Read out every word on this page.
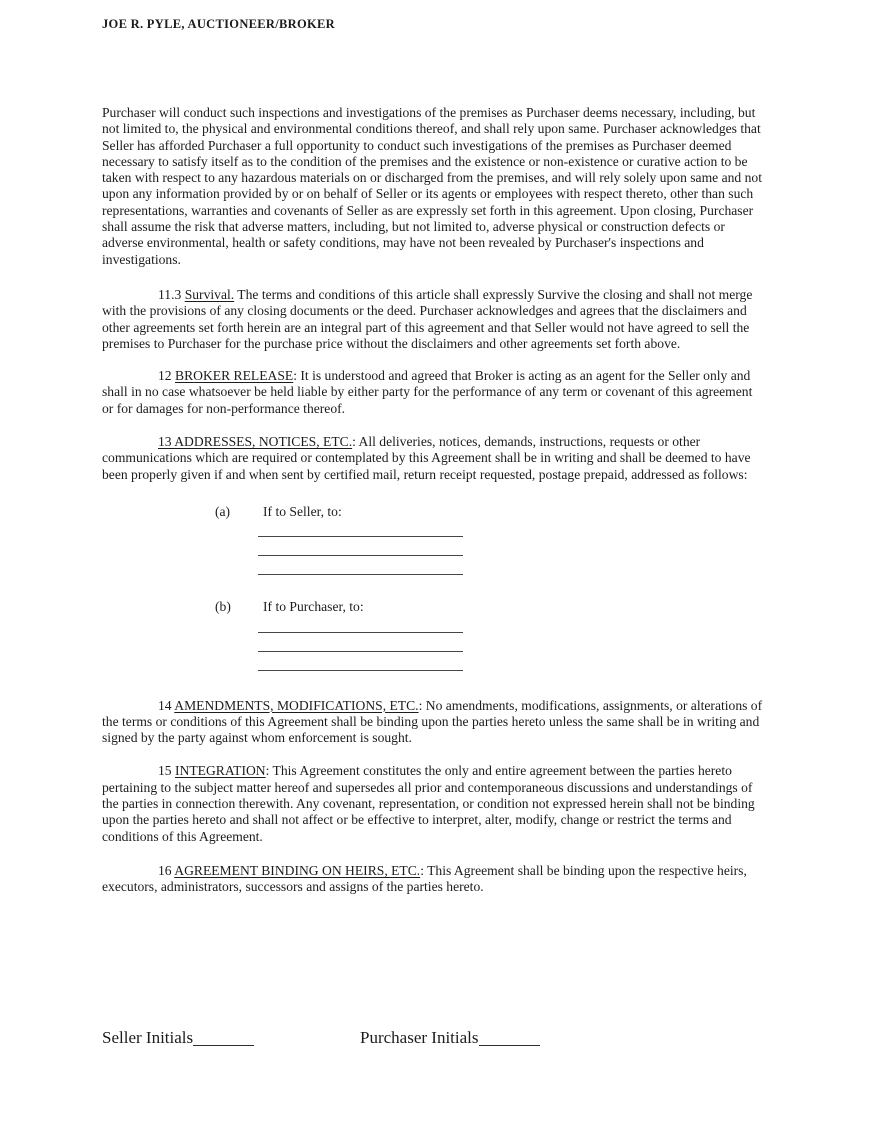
JOE R. PYLE, AUCTIONEER/BROKER

Purchaser will conduct such inspections and investigations of the premises as Purchaser deems necessary, including, but not limited to, the physical and environmental conditions thereof, and shall rely upon same. Purchaser acknowledges that Seller has afforded Purchaser a full opportunity to conduct such investigations of the premises as Purchaser deemed necessary to satisfy itself as to the condition of the premises and the existence or non-existence or curative action to be taken with respect to any hazardous materials on or discharged from the premises, and will rely solely upon same and not upon any information provided by or on behalf of Seller or its agents or employees with respect thereto, other than such representations, warranties and covenants of Seller as are expressly set forth in this agreement. Upon closing, Purchaser shall assume the risk that adverse matters, including, but not limited to, adverse physical or construction defects or adverse environmental, health or safety conditions, may have not been revealed by Purchaser's inspections and investigations.

11.3 Survival. The terms and conditions of this article shall expressly Survive the closing and shall not merge with the provisions of any closing documents or the deed. Purchaser acknowledges and agrees that the disclaimers and other agreements set forth herein are an integral part of this agreement and that Seller would not have agreed to sell the premises to Purchaser for the purchase price without the disclaimers and other agreements set forth above.

12 BROKER RELEASE: It is understood and agreed that Broker is acting as an agent for the Seller only and shall in no case whatsoever be held liable by either party for the performance of any term or covenant of this agreement or for damages for non-performance thereof.

13 ADDRESSES, NOTICES, ETC.: All deliveries, notices, demands, instructions, requests or other communications which are required or contemplated by this Agreement shall be in writing and shall be deemed to have been properly given if and when sent by certified mail, return receipt requested, postage prepaid, addressed as follows:

(a) If to Seller, to:
(b) If to Purchaser, to:

14 AMENDMENTS, MODIFICATIONS, ETC.: No amendments, modifications, assignments, or alterations of the terms or conditions of this Agreement shall be binding upon the parties hereto unless the same shall be in writing and signed by the party against whom enforcement is sought.

15 INTEGRATION: This Agreement constitutes the only and entire agreement between the parties hereto pertaining to the subject matter hereof and supersedes all prior and contemporaneous discussions and understandings of the parties in connection therewith. Any covenant, representation, or condition not expressed herein shall not be binding upon the parties hereto and shall not affect or be effective to interpret, alter, modify, change or restrict the terms and conditions of this Agreement.

16 AGREEMENT BINDING ON HEIRS, ETC.: This Agreement shall be binding upon the respective heirs, executors, administrators, successors and assigns of the parties hereto.

Seller Initials	Purchaser Initials
